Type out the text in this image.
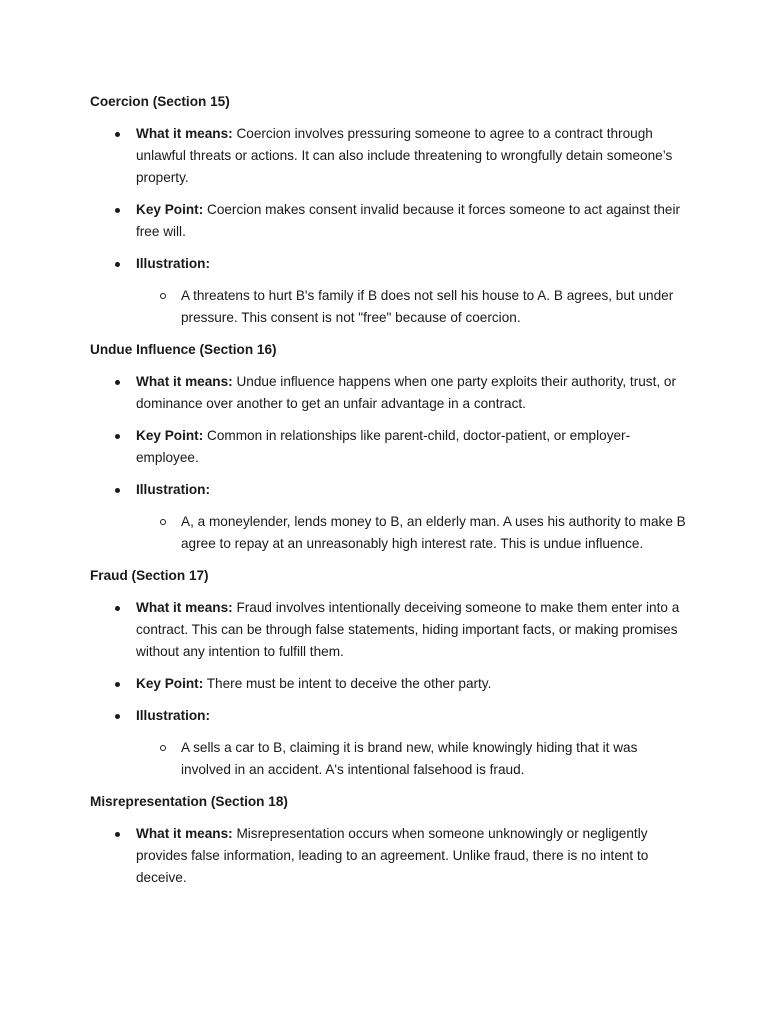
Coercion (Section 15)
What it means: Coercion involves pressuring someone to agree to a contract through unlawful threats or actions. It can also include threatening to wrongfully detain someone’s property.
Key Point: Coercion makes consent invalid because it forces someone to act against their free will.
Illustration:
A threatens to hurt B's family if B does not sell his house to A. B agrees, but under pressure. This consent is not "free" because of coercion.
Undue Influence (Section 16)
What it means: Undue influence happens when one party exploits their authority, trust, or dominance over another to get an unfair advantage in a contract.
Key Point: Common in relationships like parent-child, doctor-patient, or employer-employee.
Illustration:
A, a moneylender, lends money to B, an elderly man. A uses his authority to make B agree to repay at an unreasonably high interest rate. This is undue influence.
Fraud (Section 17)
What it means: Fraud involves intentionally deceiving someone to make them enter into a contract. This can be through false statements, hiding important facts, or making promises without any intention to fulfill them.
Key Point: There must be intent to deceive the other party.
Illustration:
A sells a car to B, claiming it is brand new, while knowingly hiding that it was involved in an accident. A's intentional falsehood is fraud.
Misrepresentation (Section 18)
What it means: Misrepresentation occurs when someone unknowingly or negligently provides false information, leading to an agreement. Unlike fraud, there is no intent to deceive.
